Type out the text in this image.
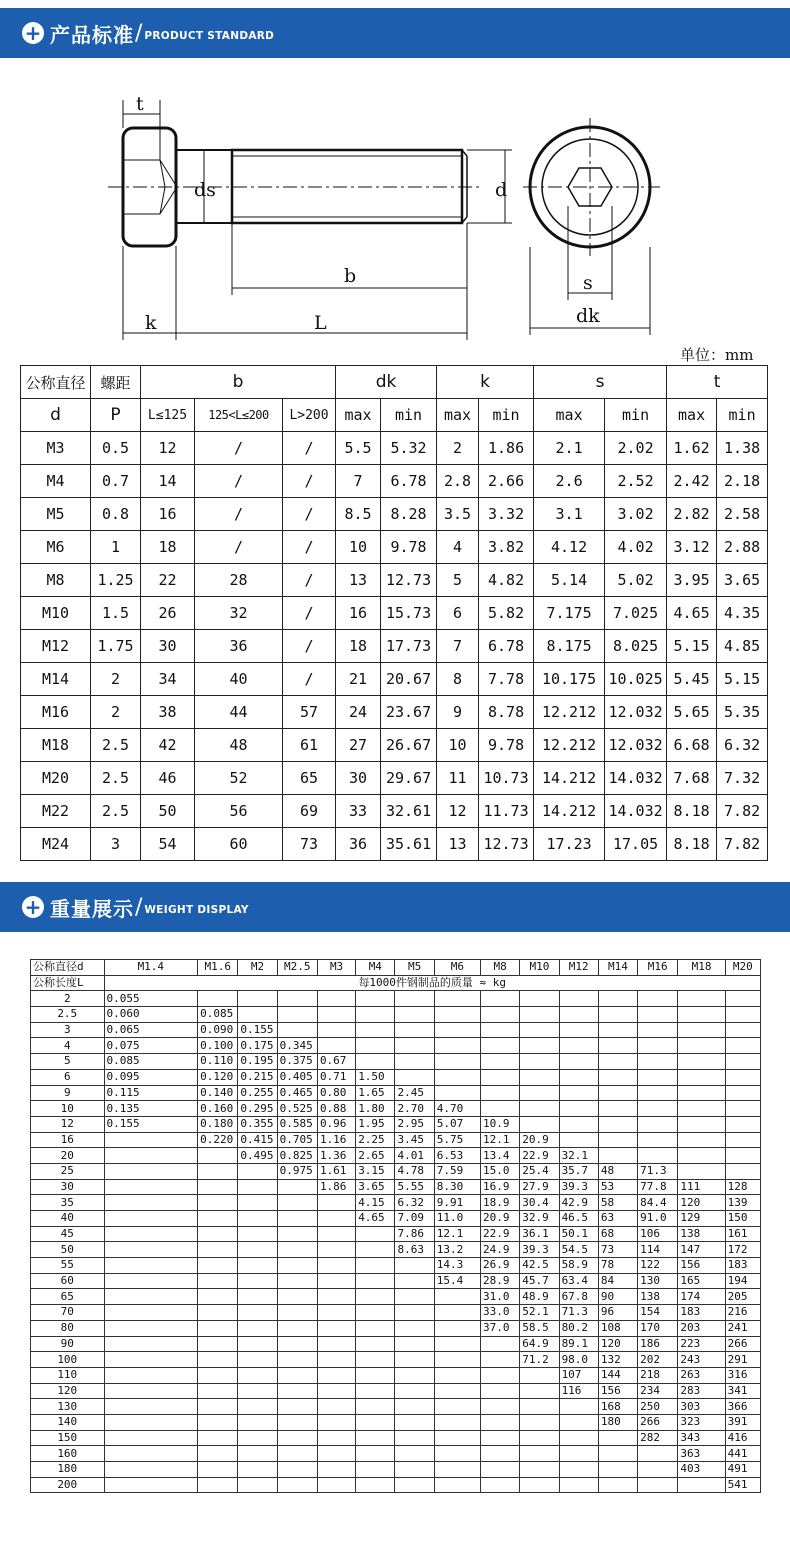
+ 产品标准 / PRODUCT STANDARD
t
ds	d
b
k	L
s
dk
单位：mm
公称直径	螺距	b			dk		k		s		t	
d	P	L≤125	125<L≤200	L>200	max	min	max	min	max	min	max	min
M3	0.5	12	/	/	5.5	5.32	2	1.86	2.1	2.02	1.62	1.38
M4	0.7	14	/	/	7	6.78	2.8	2.66	2.6	2.52	2.42	2.18
M5	0.8	16	/	/	8.5	8.28	3.5	3.32	3.1	3.02	2.82	2.58
M6	1	18	/	/	10	9.78	4	3.82	4.12	4.02	3.12	2.88
M8	1.25	22	28	/	13	12.73	5	4.82	5.14	5.02	3.95	3.65
M10	1.5	26	32	/	16	15.73	6	5.82	7.175	7.025	4.65	4.35
M12	1.75	30	36	/	18	17.73	7	6.78	8.175	8.025	5.15	4.85
M14	2	34	40	/	21	20.67	8	7.78	10.175	10.025	5.45	5.15
M16	2	38	44	57	24	23.67	9	8.78	12.212	12.032	5.65	5.35
M18	2.5	42	48	61	27	26.67	10	9.78	12.212	12.032	6.68	6.32
M20	2.5	46	52	65	30	29.67	11	10.73	14.212	14.032	7.68	7.32
M22	2.5	50	56	69	33	32.61	12	11.73	14.212	14.032	8.18	7.82
M24	3	54	60	73	36	35.61	13	12.73	17.23	17.05	8.18	7.82
+ 重量展示 / WEIGHT DISPLAY
公称直径d	M1.4	M1.6	M2	M2.5	M3	M4	M5	M6	M8	M10	M12	M14	M16	M18	M20
公称长度L	每1000件钢制品的质量 ≈ kg														
2	0.055														
2.5	0.060	0.085													
3	0.065	0.090	0.155												
4	0.075	0.100	0.175	0.345											
5	0.085	0.110	0.195	0.375	0.67										
6	0.095	0.120	0.215	0.405	0.71	1.50									
9	0.115	0.140	0.255	0.465	0.80	1.65	2.45								
10	0.135	0.160	0.295	0.525	0.88	1.80	2.70	4.70							
12	0.155	0.180	0.355	0.585	0.96	1.95	2.95	5.07	10.9						
16		0.220	0.415	0.705	1.16	2.25	3.45	5.75	12.1	20.9					
20			0.495	0.825	1.36	2.65	4.01	6.53	13.4	22.9	32.1				
25				0.975	1.61	3.15	4.78	7.59	15.0	25.4	35.7	48	71.3		
30					1.86	3.65	5.55	8.30	16.9	27.9	39.3	53	77.8	111	128
35						4.15	6.32	9.91	18.9	30.4	42.9	58	84.4	120	139
40						4.65	7.09	11.0	20.9	32.9	46.5	63	91.0	129	150
45							7.86	12.1	22.9	36.1	50.1	68	106	138	161
50							8.63	13.2	24.9	39.3	54.5	73	114	147	172
55								14.3	26.9	42.5	58.9	78	122	156	183
60								15.4	28.9	45.7	63.4	84	130	165	194
65									31.0	48.9	67.8	90	138	174	205
70									33.0	52.1	71.3	96	154	183	216
80									37.0	58.5	80.2	108	170	203	241
90										64.9	89.1	120	186	223	266
100										71.2	98.0	132	202	243	291
110											107	144	218	263	316
120											116	156	234	283	341
130												168	250	303	366
140												180	266	323	391
150													282	343	416
160														363	441
180														403	491
200															541
